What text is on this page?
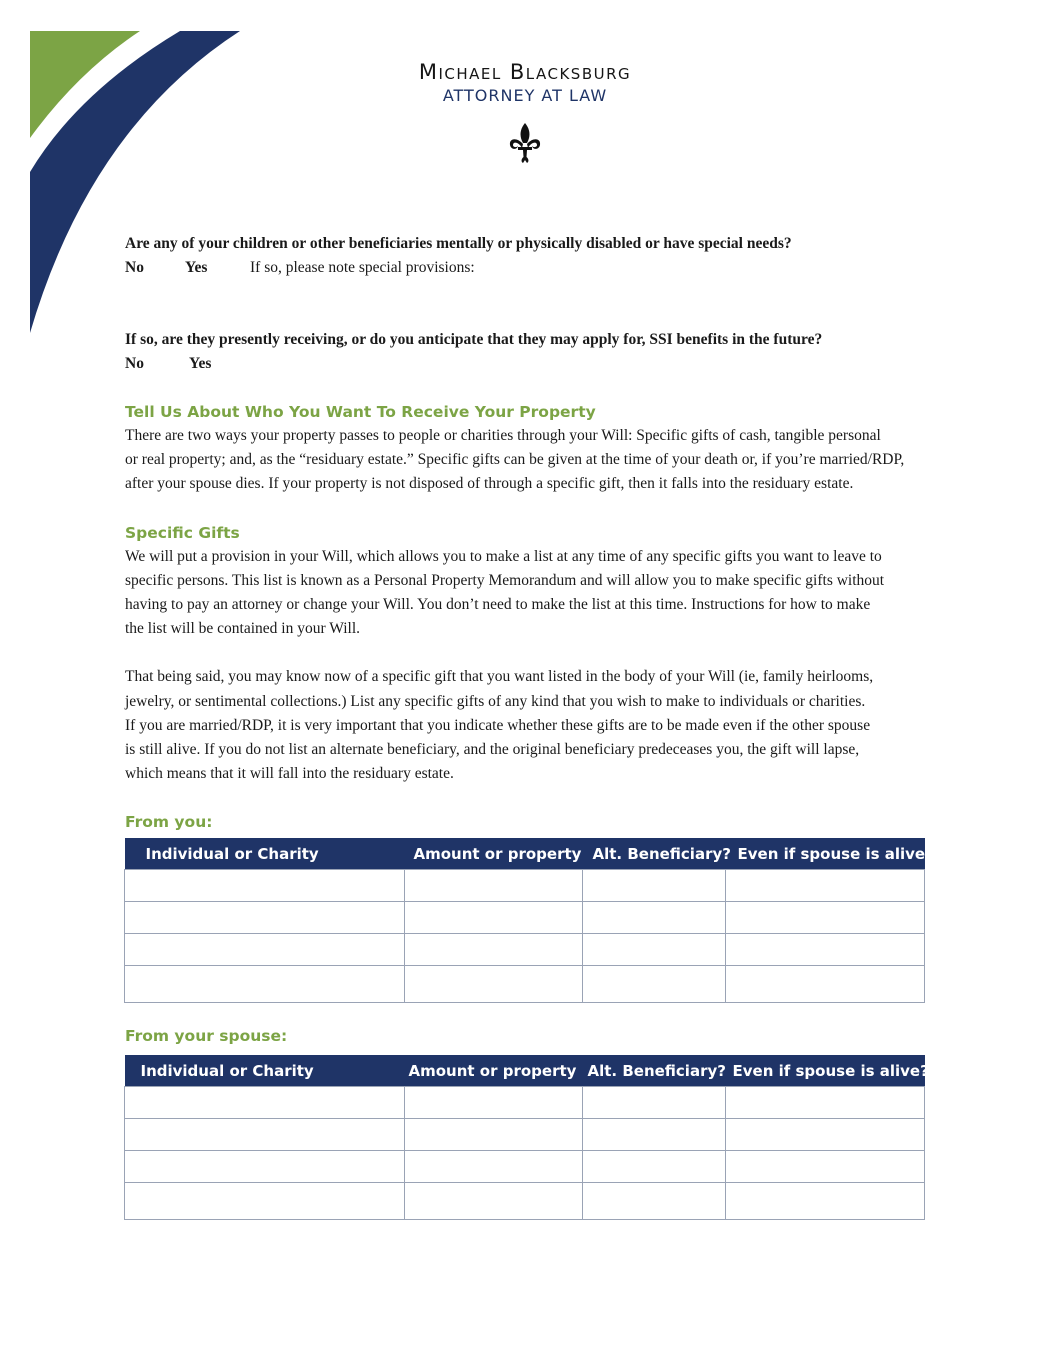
Michael Blacksburg
ATTORNEY AT LAW
Are any of your children or other beneficiaries mentally or physically disabled or have special needs?
No	Yes	If so, please note special provisions:
If so, are they presently receiving, or do you anticipate that they may apply for, SSI benefits in the future?
No	Yes
Tell Us About Who You Want To Receive Your Property
There are two ways your property passes to people or charities through your Will: Specific gifts of cash, tangible personal
or real property; and, as the “residuary estate.” Specific gifts can be given at the time of your death or, if you’re married/RDP,
after your spouse dies. If your property is not disposed of through a specific gift, then it falls into the residuary estate.
Specific Gifts
We will put a provision in your Will, which allows you to make a list at any time of any specific gifts you want to leave to
specific persons. This list is known as a Personal Property Memorandum and will allow you to make specific gifts without
having to pay an attorney or change your Will. You don’t need to make the list at this time. Instructions for how to make
the list will be contained in your Will.
That being said, you may know now of a specific gift that you want listed in the body of your Will (ie, family heirlooms,
jewelry, or sentimental collections.) List any specific gifts of any kind that you wish to make to individuals or charities.
If you are married/RDP, it is very important that you indicate whether these gifts are to be made even if the other spouse
is still alive. If you do not list an alternate beneficiary, and the original beneficiary predeceases you, the gift will lapse,
which means that it will fall into the residuary estate.
From you:
Individual or Charity	Amount or property	Alt. Beneficiary?	Even if spouse is alive?

From your spouse:
Individual or Charity	Amount or property	Alt. Beneficiary?	Even if spouse is alive?
